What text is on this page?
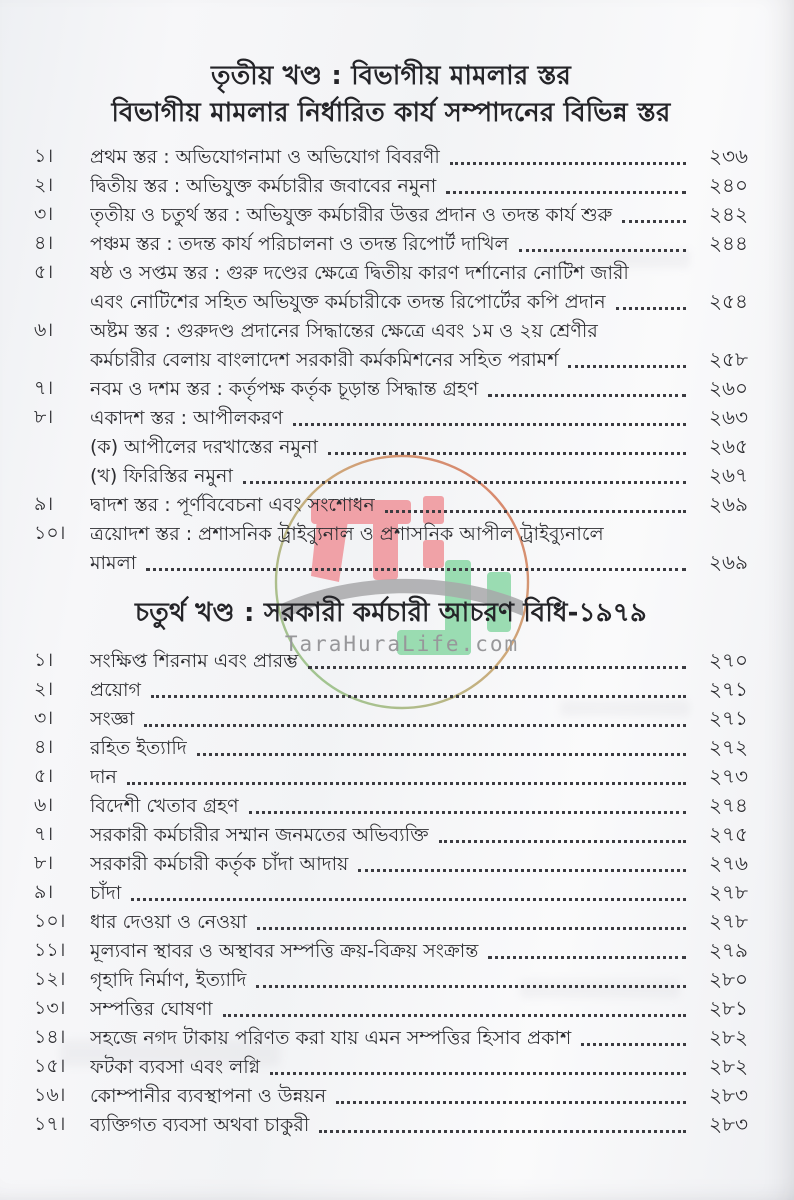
TaraHuraLife.com
তৃতীয় খণ্ড : বিভাগীয় মামলার স্তর
বিভাগীয় মামলার নির্ধারিত কার্য সম্পাদনের বিভিন্ন স্তর
১।	প্রথম স্তর : অভিযোগনামা ও অভিযোগ বিবরণী	২৩৬
২।	দ্বিতীয় স্তর : অভিযুক্ত কর্মচারীর জবাবের নমুনা	২৪০
৩।	তৃতীয় ও চতুর্থ স্তর : অভিযুক্ত কর্মচারীর উত্তর প্রদান ও তদন্ত কার্য শুরু	২৪২
৪।	পঞ্চম স্তর : তদন্ত কার্য পরিচালনা ও তদন্ত রিপোর্ট দাখিল	২৪৪
৫।	ষষ্ঠ ও সপ্তম স্তর : গুরু দণ্ডের ক্ষেত্রে দ্বিতীয় কারণ দর্শানোর নোটিশ জারী
এবং নোটিশের সহিত অভিযুক্ত কর্মচারীকে তদন্ত রিপোর্টের কপি প্রদান	২৫৪
৬।	অষ্টম স্তর : গুরুদণ্ড প্রদানের সিদ্ধান্তের ক্ষেত্রে এবং ১ম ও ২য় শ্রেণীর
কর্মচারীর বেলায় বাংলাদেশ সরকারী কর্মকমিশনের সহিত পরামর্শ	২৫৮
৭।	নবম ও দশম স্তর : কর্তৃপক্ষ কর্তৃক চূড়ান্ত সিদ্ধান্ত গ্রহণ	২৬০
৮।	একাদশ স্তর : আপীলকরণ	২৬৩
(ক) আপীলের দরখাস্তের নমুনা	২৬৫
(খ) ফিরিস্তির নমুনা	২৬৭
৯।	দ্বাদশ স্তর : পূর্ণবিবেচনা এবং সংশোধন	২৬৯
১০।	ত্রয়োদশ স্তর : প্রশাসনিক ট্রাইব্যুনাল ও প্রশাসনিক আপীল ট্রাইব্যুনালে
মামলা	২৬৯
চতুর্থ খণ্ড : সরকারী কর্মচারী আচরণ বিধি-১৯৭৯
১।	সংক্ষিপ্ত শিরনাম এবং প্রারম্ভ	২৭০
২।	প্রয়োগ	২৭১
৩।	সংজ্ঞা	২৭১
৪।	রহিত ইত্যাদি	২৭২
৫।	দান	২৭৩
৬।	বিদেশী খেতাব গ্রহণ	২৭৪
৭।	সরকারী কর্মচারীর সম্মান জনমতের অভিব্যক্তি	২৭৫
৮।	সরকারী কর্মচারী কর্তৃক চাঁদা আদায়	২৭৬
৯।	চাঁদা	২৭৮
১০।	ধার দেওয়া ও নেওয়া	২৭৮
১১।	মূল্যবান স্থাবর ও অস্থাবর সম্পত্তি ক্রয়-বিক্রয় সংক্রান্ত	২৭৯
১২।	গৃহাদি নির্মাণ, ইত্যাদি	২৮০
১৩।	সম্পত্তির ঘোষণা	২৮১
১৪।	সহজে নগদ টাকায় পরিণত করা যায় এমন সম্পত্তির হিসাব প্রকাশ	২৮২
১৫।	ফটকা ব্যবসা এবং লগ্নি	২৮২
১৬।	কোম্পানীর ব্যবস্থাপনা ও উন্নয়ন	২৮৩
১৭।	ব্যক্তিগত ব্যবসা অথবা চাকুরী	২৮৩
